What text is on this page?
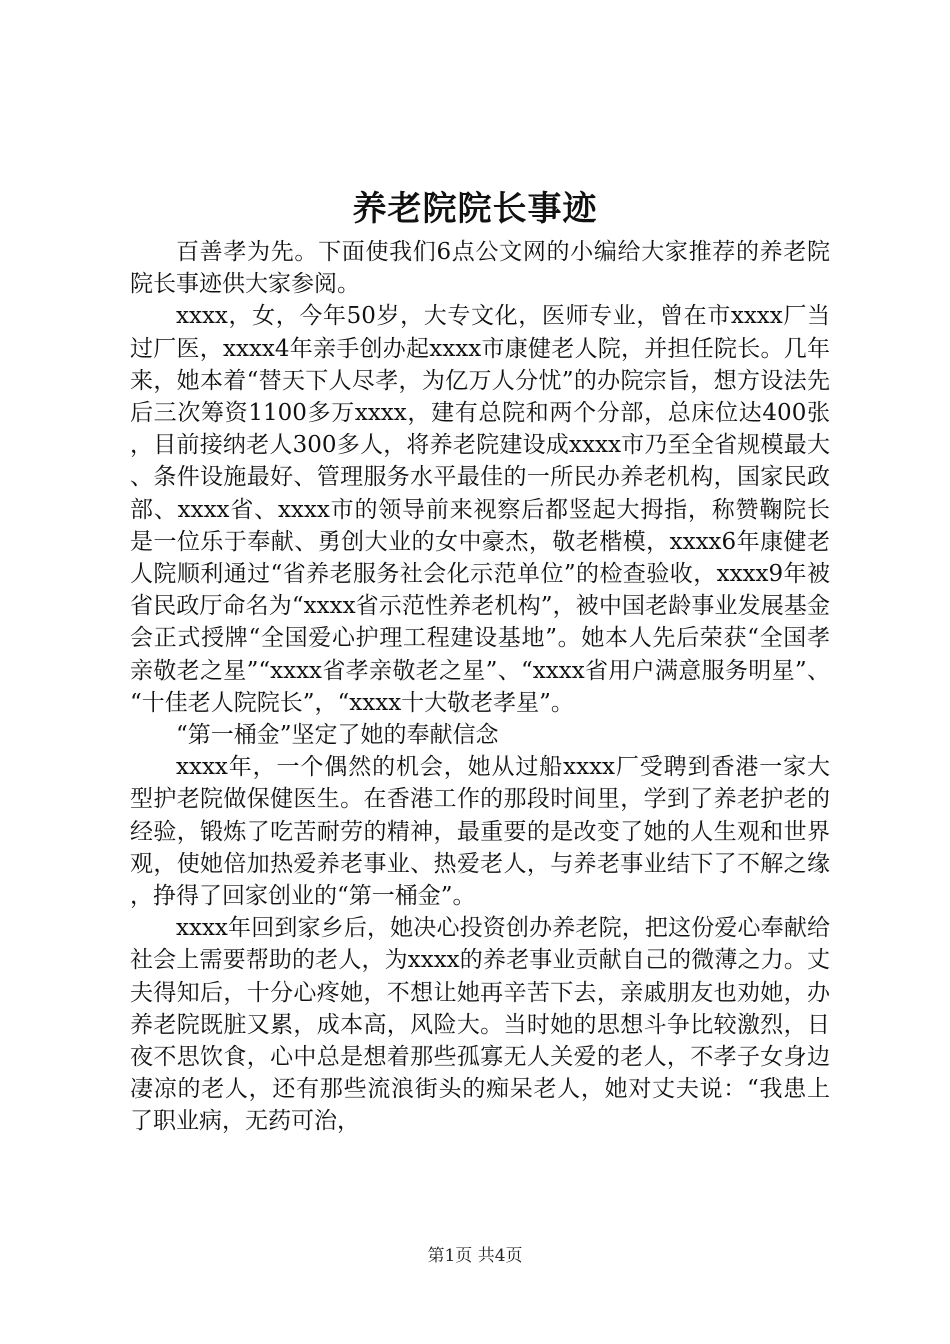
养老院院长事迹

百善孝为先。下面使我们6点公文网的小编给大家推荐的养老院院长事迹供大家参阅。

xxxx，女，今年50岁，大专文化，医师专业，曾在市xxxx厂当过厂医，xxxx4年亲手创办起xxxx市康健老人院，并担任院长。几年来，她本着“替天下人尽孝，为亿万人分忧”的办院宗旨，想方设法先后三次筹资1100多万xxxx，建有总院和两个分部，总床位达400张，目前接纳老人300多人，将养老院建设成xxxx市乃至全省规模最大、条件设施最好、管理服务水平最佳的一所民办养老机构，国家民政部、xxxx省、xxxx市的领导前来视察后都竖起大拇指，称赞鞠院长是一位乐于奉献、勇创大业的女中豪杰，敬老楷模，xxxx6年康健老人院顺利通过“省养老服务社会化示范单位”的检查验收，xxxx9年被省民政厅命名为“xxxx省示范性养老机构”，被中国老龄事业发展基金会正式授牌“全国爱心护理工程建设基地”。她本人先后荣获“全国孝亲敬老之星”“xxxx省孝亲敬老之星”、“xxxx省用户满意服务明星”、“十佳老人院院长”，“xxxx十大敬老孝星”。

“第一桶金”坚定了她的奉献信念

xxxx年，一个偶然的机会，她从过船xxxx厂受聘到香港一家大型护老院做保健医生。在香港工作的那段时间里，学到了养老护老的经验，锻炼了吃苦耐劳的精神，最重要的是改变了她的人生观和世界观，使她倍加热爱养老事业、热爱老人，与养老事业结下了不解之缘，挣得了回家创业的“第一桶金”。

xxxx年回到家乡后，她决心投资创办养老院，把这份爱心奉献给社会上需要帮助的老人，为xxxx的养老事业贡献自己的微薄之力。丈夫得知后，十分心疼她，不想让她再辛苦下去，亲戚朋友也劝她，办养老院既脏又累，成本高，风险大。当时她的思想斗争比较激烈，日夜不思饮食，心中总是想着那些孤寡无人关爱的老人，不孝子女身边凄凉的老人，还有那些流浪街头的痴呆老人，她对丈夫说：“我患上了职业病，无药可治，

第1页 共4页
